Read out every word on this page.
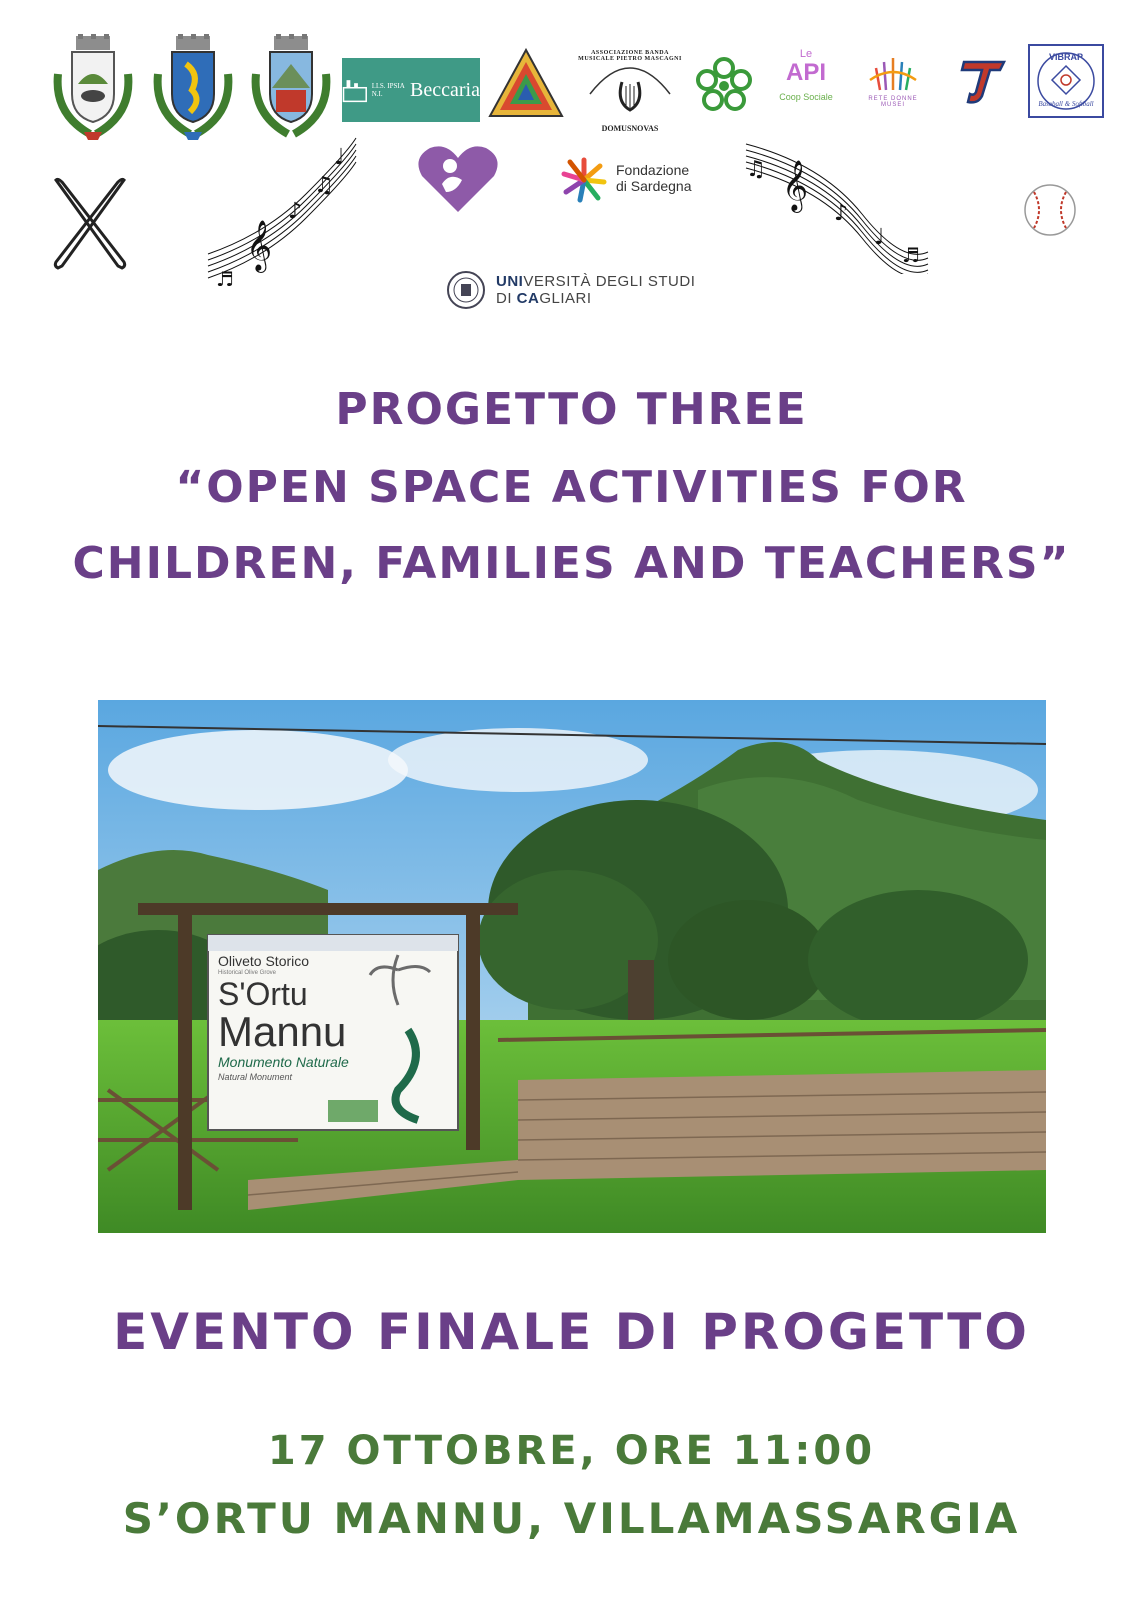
I.I.S. IPSIA N.I.	Beccaria
ASSOCIAZIONE BANDA MUSICALE PIETRO MASCAGNI
DOMUSNOVAS
Le
API
Coop Sociale	RETE DONNE MUSEI
VIBRAP
Baseball & Softball
𝄞
♪
♫
♩
♬
Fondazione
di Sardegna 𝄞
♫
♪
♩
♬
UNIVERSITÀ DEGLI STUDI
DI CAGLIARI
PROGETTO THREE
“OPEN SPACE ACTIVITIES FOR
CHILDREN, FAMILIES AND TEACHERS”
Oliveto Storico
Historical Olive Grove
S'Ortu
Mannu
Monumento Naturale
Natural Monument
EVENTO FINALE DI PROGETTO
17 OTTOBRE, ORE 11:00
S’ORTU MANNU, VILLAMASSARGIA
